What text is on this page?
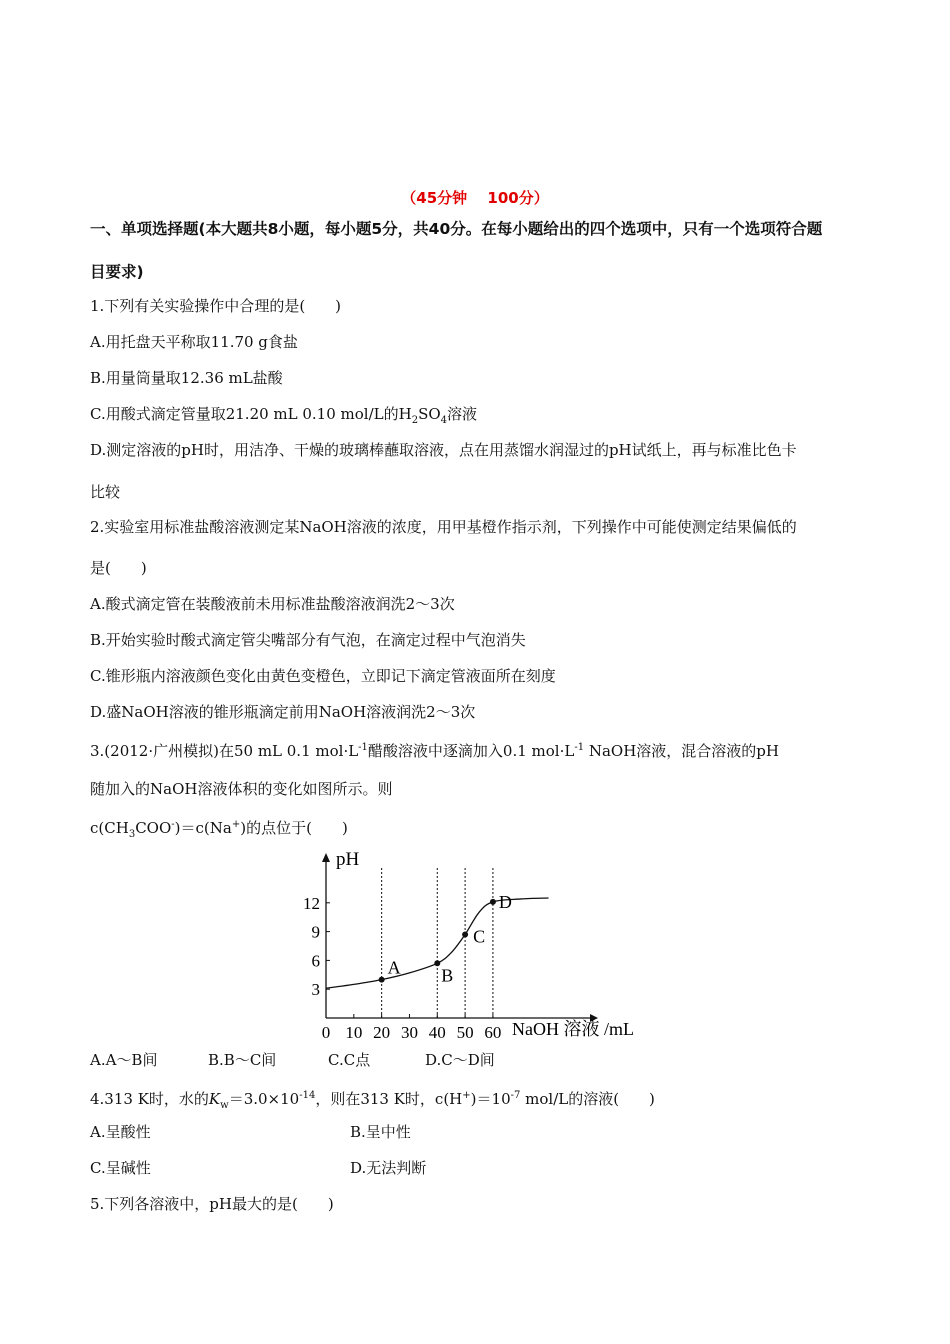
（45分钟　 100分）
一、单项选择题(本大题共8小题，每小题5分，共40分。在每小题给出的四个选项中，只有一个选项符合题
目要求)
1.下列有关实验操作中合理的是(　　)
A.用托盘天平称取11.70 g食盐
B.用量筒量取12.36 mL盐酸
C.用酸式滴定管量取21.20 mL 0.10 mol/L的$H_2SO_4$溶液
D.测定溶液的pH时，用洁净、干燥的玻璃棒蘸取溶液，点在用蒸馏水润湿过的pH试纸上，再与标准比色卡
比较
2.实验室用标准盐酸溶液测定某NaOH溶液的浓度，用甲基橙作指示剂，下列操作中可能使测定结果偏低的
是(　　)
A.酸式滴定管在装酸液前未用标准盐酸溶液润洗2～3次
B.开始实验时酸式滴定管尖嘴部分有气泡，在滴定过程中气泡消失
C.锥形瓶内溶液颜色变化由黄色变橙色，立即记下滴定管液面所在刻度
D.盛NaOH溶液的锥形瓶滴定前用NaOH溶液润洗2～3次
3.(2012·广州模拟)在50 mL 0.1 $mol\cdot L^{-1}$醋酸溶液中逐滴加入0.1 $mol\cdot L^{-1}$ NaOH溶液，混合溶液的pH
随加入的NaOH溶液体积的变化如图所示。则
$c(CH_3COO^-)=c(Na^+)$的点位于(　　)
pH
NaOH 溶液 /mL
0 10 20 30 40 50 60
3
6
9
12
A B
C
D
A.A～B间	B.B～C间	C.C点	D.C～D间
4.313 K时，水的$K_w=3.0\times 10^{-14}$，则在313 K时，$c(H^+)=10^{-7}$ mol/L的溶液(　　)
A.呈酸性	B.呈中性
C.呈碱性	D.无法判断
5.下列各溶液中，pH最大的是(　　)
